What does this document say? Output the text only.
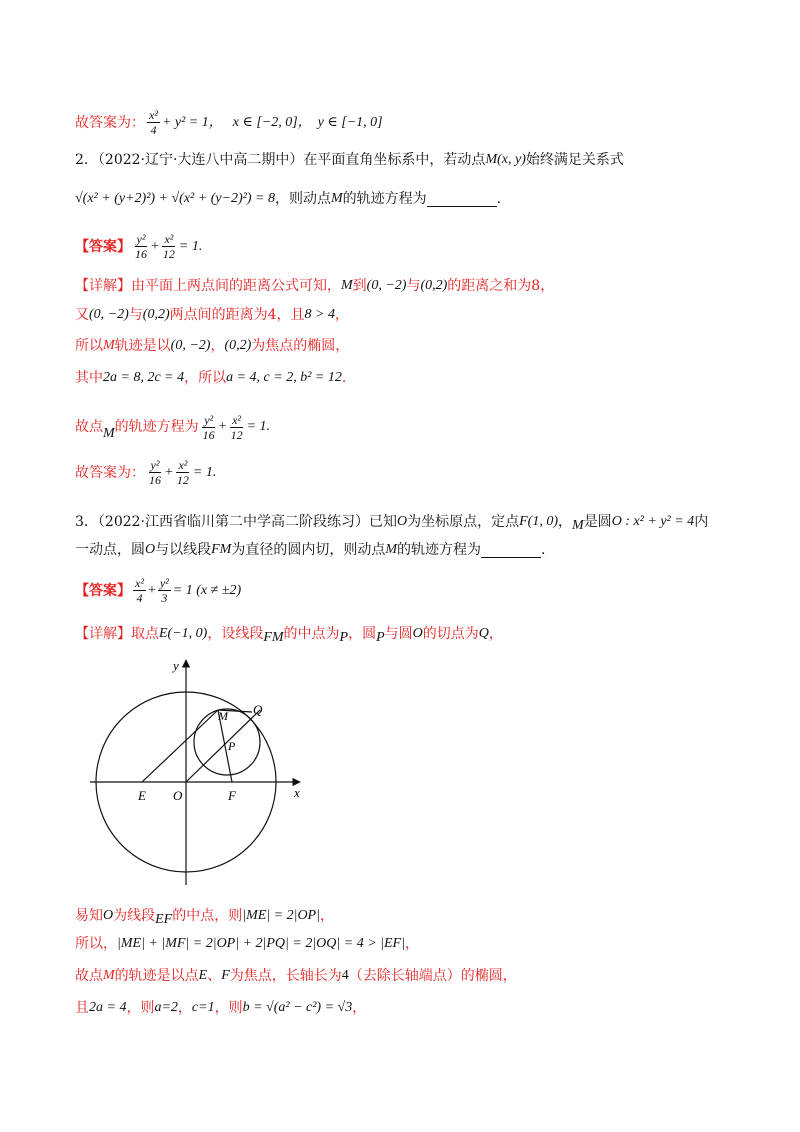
故答案为： $\frac{\text{x²}}{4} + y^2 = 1$， x ∈ [−2, 0]， y ∈ [−1, 0]
2．（2022·辽宁·大连八中高二期中）在平面直角坐标系中，若动点 M(x, y) 始终满足关系式
√(x² + (y+2)²) + √(x² + (y−2)²) = 8 ，则动点 M 的轨迹方程为	.
【答案】 $\frac{\text{y²}}{16} + \frac{\text{x²}}{12} = 1$.
【详解】由平面上两点间的距离公式可知， M 到 (0, −2) 与 (0,2) 的距离之和为8，
又 (0, −2) 与 (0,2) 两点间的距离为4，且 8 > 4 ，
所以 M 轨迹是以 (0, −2) ， (0,2) 为焦点的椭圆，
其中 2a = 8, 2c = 4 ，所以 a = 4, c = 2, b² = 12 .
故点 M 的轨迹方程为 $\frac{\text{y²}}{16} + \frac{\text{x²}}{12} = 1$.
故答案为： $\frac{\text{y²}}{16} + \frac{\text{x²}}{12} = 1$.
3．（2022·江西省临川第二中学高二阶段练习）已知 O 为坐标原点，定点 F(1, 0) ， M 是圆 O : x² + y² = 4 内
一动点，圆 O 与以线段 FM 为直径的圆内切，则动点 M 的轨迹方程为	.
【答案】 $\frac{\text{x²}}{4} + \frac{\text{y²}}{3} = 1$ (x ≠ ±2)
【详解】取点 E(−1, 0) ，设线段 FM 的中点为 P ，圆 P 与圆 O 的切点为 Q ，
y
x
M Q
P
E O	F
易知 O 为线段 EF 的中点，则 |ME| = 2|OP| ，
所以， |ME| + |MF| = 2|OP| + 2|PQ| = 2|OQ| = 4 > |EF| ，
故点 M 的轨迹是以点 E 、 F 为焦点，长轴长为 4 （去除长轴端点）的椭圆，
且 2a = 4 ，则 a=2 ， c=1 ，则 b = √(a² − c²) = √3 ，
